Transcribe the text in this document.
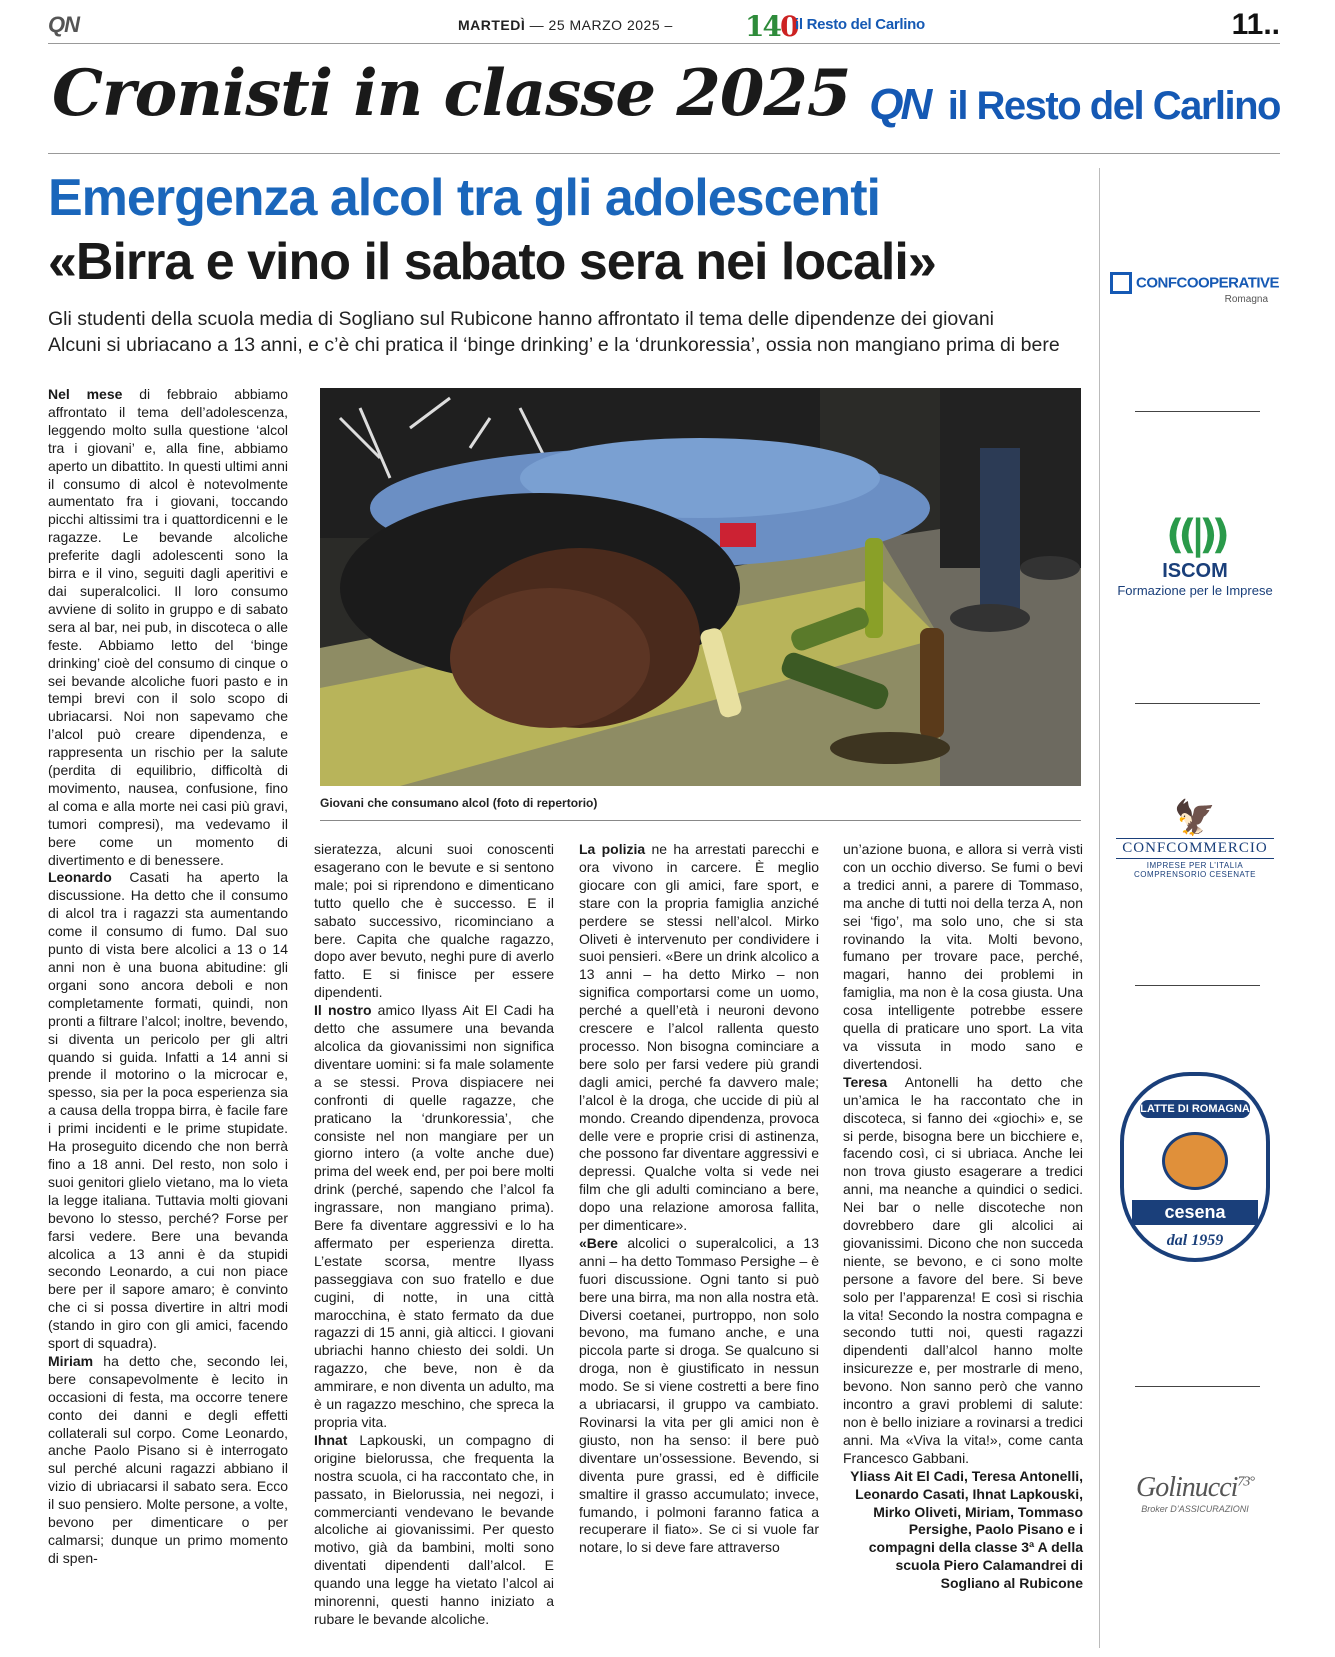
QN	MARTEDÌ — 25 MARZO 2025 –	140
il Resto del Carlino	11..
Cronisti in classe 2025 QN il Resto del Carlino
Emergenza alcol tra gli adolescenti
«Birra e vino il sabato sera nei locali»
Gli studenti della scuola media di Sogliano sul Rubicone hanno affrontato il tema delle dipendenze dei giovani
Alcuni si ubriacano a 13 anni, e c’è chi pratica il ‘binge drinking’ e la ‘drunkoressia’, ossia non mangiano prima di bere
Giovani che consumano alcol (foto di repertorio)

Nel mese di febbraio abbiamo affrontato il tema dell’adolescenza, leggendo molto sulla questione ‘alcol tra i giovani’ e, alla fine, abbiamo aperto un dibattito. In questi ultimi anni il consumo di alcol è notevolmente aumentato fra i giovani, toccando picchi altissimi tra i quattordicenni e le ragazze. Le bevande alcoliche preferite dagli adolescenti sono la birra e il vino, seguiti dagli aperitivi e dai superalcolici. Il loro consumo avviene di solito in gruppo e di sabato sera al bar, nei pub, in discoteca o alle feste. Abbiamo letto del ‘binge drinking’ cioè del consumo di cinque o sei bevande alcoliche fuori pasto e in tempi brevi con il solo scopo di ubriacarsi. Noi non sapevamo che l’alcol può creare dipendenza, e rappresenta un rischio per la salute (perdita di equilibrio, difficoltà di movimento, nausea, confusione, fino al coma e alla morte nei casi più gravi, tumori compresi), ma vedevamo il bere come un momento di divertimento e di benessere.

Leonardo Casati ha aperto la discussione. Ha detto che il consumo di alcol tra i ragazzi sta aumentando come il consumo di fumo. Dal suo punto di vista bere alcolici a 13 o 14 anni non è una buona abitudine: gli organi sono ancora deboli e non completamente formati, quindi, non pronti a filtrare l’alcol; inoltre, bevendo, si diventa un pericolo per gli altri quando si guida. Infatti a 14 anni si prende il motorino o la microcar e, spesso, sia per la poca esperienza sia a causa della troppa birra, è facile fare i primi incidenti e le prime stupidate. Ha proseguito dicendo che non berrà fino a 18 anni. Del resto, non solo i suoi genitori glielo vietano, ma lo vieta la legge italiana. Tuttavia molti giovani bevono lo stesso, perché? Forse per farsi vedere. Bere una bevanda alcolica a 13 anni è da stupidi secondo Leonardo, a cui non piace bere per il sapore amaro; è convinto che ci si possa divertire in altri modi (stando in giro con gli amici, facendo sport di squadra).

Miriam ha detto che, secondo lei, bere consapevolmente è lecito in occasioni di festa, ma occorre tenere conto dei danni e degli effetti collaterali sul corpo. Come Leonardo, anche Paolo Pisano si è interrogato sul perché alcuni ragazzi abbiano il vizio di ubriacarsi il sabato sera. Ecco il suo pensiero. Molte persone, a volte, bevono per dimenticare o per calmarsi; dunque un primo momento di spen-

sieratezza, alcuni suoi conoscenti esagerano con le bevute e si sentono male; poi si riprendono e dimenticano tutto quello che è successo. E il sabato successivo, ricominciano a bere. Capita che qualche ragazzo, dopo aver bevuto, neghi pure di averlo fatto. E si finisce per essere dipendenti.

Il nostro amico Ilyass Ait El Cadi ha detto che assumere una bevanda alcolica da giovanissimi non significa diventare uomini: si fa male solamente a se stessi. Prova dispiacere nei confronti di quelle ragazze, che praticano la ‘drunkoressia’, che consiste nel non mangiare per un giorno intero (a volte anche due) prima del week end, per poi bere molti drink (perché, sapendo che l’alcol fa ingrassare, non mangiano prima). Bere fa diventare aggressivi e lo ha affermato per esperienza diretta. L’estate scorsa, mentre Ilyass passeggiava con suo fratello e due cugini, di notte, in una città marocchina, è stato fermato da due ragazzi di 15 anni, già alticci. I giovani ubriachi hanno chiesto dei soldi. Un ragazzo, che beve, non è da ammirare, e non diventa un adulto, ma è un ragazzo meschino, che spreca la propria vita.

Ihnat Lapkouski, un compagno di origine bielorussa, che frequenta la nostra scuola, ci ha raccontato che, in passato, in Bielorussia, nei negozi, i commercianti vendevano le bevande alcoliche ai giovanissimi. Per questo motivo, già da bambini, molti sono diventati dipendenti dall’alcol. E quando una legge ha vietato l’alcol ai minorenni, questi hanno iniziato a rubare le bevande alcoliche.

La polizia ne ha arrestati parecchi e ora vivono in carcere. È meglio giocare con gli amici, fare sport, e stare con la propria famiglia anziché perdere se stessi nell’alcol. Mirko Oliveti è intervenuto per condividere i suoi pensieri. «Bere un drink alcolico a 13 anni – ha detto Mirko – non significa comportarsi come un uomo, perché a quell’età i neuroni devono crescere e l’alcol rallenta questo processo. Non bisogna cominciare a bere solo per farsi vedere più grandi dagli amici, perché fa davvero male; l’alcol è la droga, che uccide di più al mondo. Creando dipendenza, provoca delle vere e proprie crisi di astinenza, che possono far diventare aggressivi e depressi. Qualche volta si vede nei film che gli adulti cominciano a bere, dopo una relazione amorosa fallita, per dimenticare».

«Bere alcolici o superalcolici, a 13 anni – ha detto Tommaso Persighe – è fuori discussione. Ogni tanto si può bere una birra, ma non alla nostra età. Diversi coetanei, purtroppo, non solo bevono, ma fumano anche, e una piccola parte si droga. Se qualcuno si droga, non è giustificato in nessun modo. Se si viene costretti a bere fino a ubriacarsi, il gruppo va cambiato. Rovinarsi la vita per gli amici non è giusto, non ha senso: il bere può diventare un’ossessione. Bevendo, si diventa pure grassi, ed è difficile smaltire il grasso accumulato; invece, fumando, i polmoni faranno fatica a recuperare il fiato». Se ci si vuole far notare, lo si deve fare attraverso

un’azione buona, e allora si verrà visti con un occhio diverso. Se fumi o bevi a tredici anni, a parere di Tommaso, ma anche di tutti noi della terza A, non sei ‘figo’, ma solo uno, che si sta rovinando la vita. Molti bevono, fumano per trovare pace, perché, magari, hanno dei problemi in famiglia, ma non è la cosa giusta. Una cosa intelligente potrebbe essere quella di praticare uno sport. La vita va vissuta in modo sano e divertendosi.

Teresa Antonelli ha detto che un’amica le ha raccontato che in discoteca, si fanno dei «giochi» e, se si perde, bisogna bere un bicchiere e, facendo così, ci si ubriaca. Anche lei non trova giusto esagerare a tredici anni, ma neanche a quindici o sedici. Nei bar o nelle discoteche non dovrebbero dare gli alcolici ai giovanissimi. Dicono che non succeda niente, se bevono, e ci sono molte persone a favore del bere. Si beve solo per l’apparenza! E così si rischia la vita! Secondo la nostra compagna e secondo tutti noi, questi ragazzi dipendenti dall’alcol hanno molte insicurezze e, per mostrarle di meno, bevono. Non sanno però che vanno incontro a gravi problemi di salute: non è bello iniziare a rovinarsi a tredici anni. Ma «Viva la vita!», come canta Francesco Gabbani.

Yliass Ait El Cadi, Teresa Antonelli, Leonardo Casati, Ihnat Lapkouski, Mirko Oliveti, Miriam, Tommaso Persighe, Paolo Pisano e i compagni della classe 3ª A della scuola Piero Calamandrei di Sogliano al Rubicone

CONFCOOPERATIVE
Romagna
((|))
ISCOM
Formazione per le Imprese
🦅
CONFCOMMERCIO
IMPRESE PER L’ITALIA
COMPRENSORIO CESENATE
LATTE DI ROMAGNA
cesena
dal 1959
Golinucci$^{73^\circ}$
Broker D’ASSICURAZIONI
